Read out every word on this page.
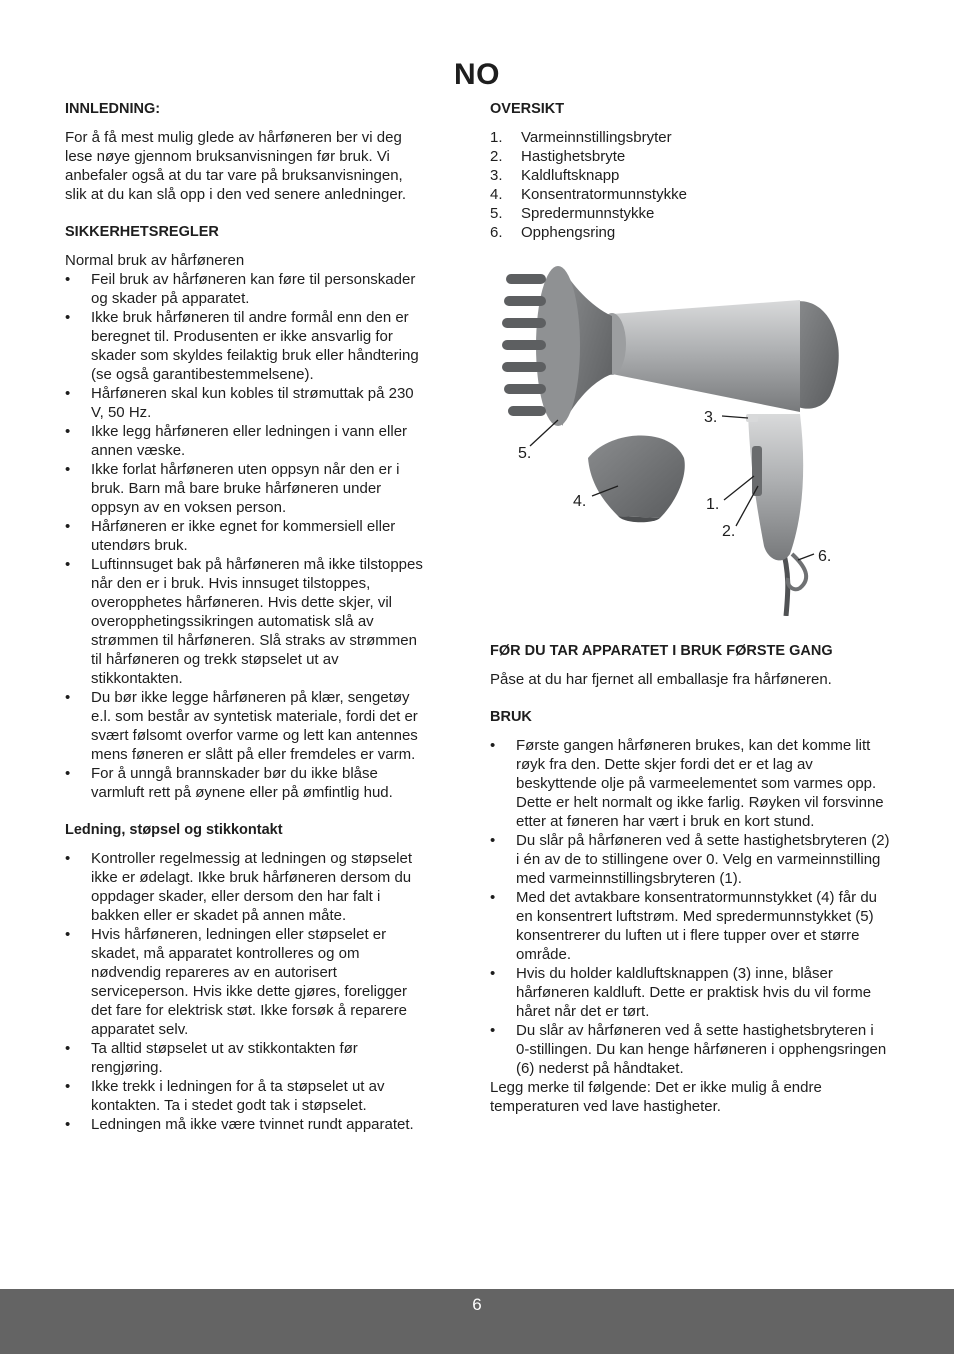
NO
INNLEDNING:

For å få mest mulig glede av hårføneren ber vi deg lese nøye gjennom bruksanvisningen før bruk. Vi anbefaler også at du tar vare på bruksanvisningen, slik at du kan slå opp i den ved senere anledninger.

SIKKERHETSREGLER

Normal bruk av hårføneren

• Feil bruk av hårføneren kan føre til personskader og skader på apparatet.
• Ikke bruk hårføneren til andre formål enn den er beregnet til. Produsenten er ikke ansvarlig for skader som skyldes feilaktig bruk eller håndtering (se også garantibestemmelsene).
• Hårføneren skal kun kobles til strømuttak på 230 V, 50 Hz.
• Ikke legg hårføneren eller ledningen i vann eller annen væske.
• Ikke forlat hårføneren uten oppsyn når den er i bruk. Barn må bare bruke hårføneren under oppsyn av en voksen person.
• Hårføneren er ikke egnet for kommersiell eller utendørs bruk.
• Luftinnsuget bak på hårføneren må ikke tilstoppes når den er i bruk. Hvis innsuget tilstoppes, overopphetes hårføneren. Hvis dette skjer, vil overopphetingssikringen automatisk slå av strømmen til hårføneren. Slå straks av strømmen til hårføneren og trekk støpselet ut av stikkontakten.
• Du bør ikke legge hårføneren på klær, sengetøy e.l. som består av syntetisk materiale, fordi det er svært følsomt overfor varme og lett kan antennes mens føneren er slått på eller fremdeles er varm.
• For å unngå brannskader bør du ikke blåse varmluft rett på øynene eller på ømfintlig hud.
Ledning, støpsel og stikkontakt
• Kontroller regelmessig at ledningen og støpselet ikke er ødelagt. Ikke bruk hårføneren dersom du oppdager skader, eller dersom den har falt i bakken eller er skadet på annen måte.
• Hvis hårføneren, ledningen eller støpselet er skadet, må apparatet kontrolleres og om nødvendig repareres av en autorisert serviceperson. Hvis ikke dette gjøres, foreligger det fare for elektrisk støt. Ikke forsøk å reparere apparatet selv.
• Ta alltid støpselet ut av stikkontakten før rengjøring.
• Ikke trekk i ledningen for å ta støpselet ut av kontakten. Ta i stedet godt tak i støpselet.
• Ledningen må ikke være tvinnet rundt apparatet.
OVERSIKT
1. Varmeinnstillingsbryter
2. Hastighetsbryte
3. Kaldluftsknapp
4. Konsentratormunnstykke
5. Spredermunnstykke
6. Opphengsring
FØR DU TAR APPARATET I BRUK FØRSTE GANG

Påse at du har fjernet all emballasje fra hårføneren.

BRUK
• Første gangen hårføneren brukes, kan det komme litt røyk fra den. Dette skjer fordi det er et lag av beskyttende olje på varmeelementet som varmes opp. Dette er helt normalt og ikke farlig. Røyken vil forsvinne etter at føneren har vært i bruk en kort stund.
• Du slår på hårføneren ved å sette hastighetsbryteren (2) i én av de to stillingene over 0. Velg en varmeinnstilling med varmeinnstillingsbryteren (1).
• Med det avtakbare konsentratormunnstykket (4) får du en konsentrert luftstrøm. Med spredermunnstykket (5) konsentrerer du luften ut i flere tupper over et større område.
• Hvis du holder kaldluftsknappen (3) inne, blåser hårføneren kaldluft. Dette er praktisk hvis du vil forme håret når det er tørt.
• Du slår av hårføneren ved å sette hastighetsbryteren i 0-stillingen. Du kan henge hårføneren i opphengsringen (6) nederst på håndtaket.

Legg merke til følgende: Det er ikke mulig å endre temperaturen ved lave hastigheter.

3.
5.
4.	1.
2.
6.
6
